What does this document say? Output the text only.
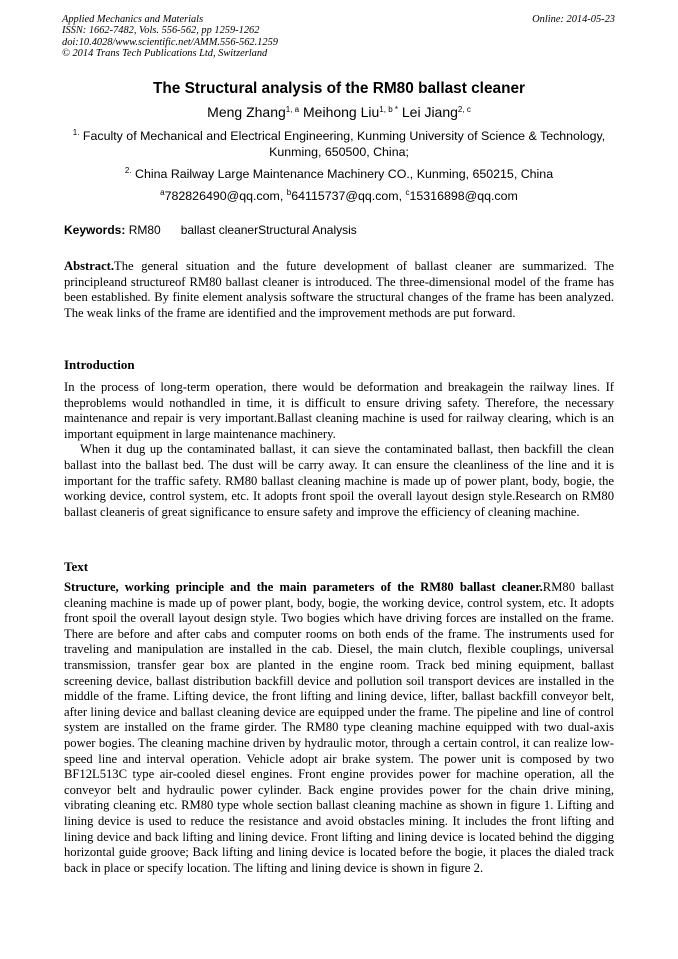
Applied Mechanics and Materials
ISSN: 1662-7482, Vols. 556-562, pp 1259-1262
doi:10.4028/www.scientific.net/AMM.556-562.1259
© 2014 Trans Tech Publications Ltd, Switzerland
Online: 2014-05-23
The Structural analysis of the RM80 ballast cleaner
Meng Zhang$^{1, a}$ Meihong Liu$^{1, b *}$ Lei Jiang$^{2, c}$
$^{1.}$ Faculty of Mechanical and Electrical Engineering, Kunming University of Science & Technology, Kunming, 650500, China;
$^{2.}$ China Railway Large Maintenance Machinery CO., Kunming, 650215, China
$^a$782826490@qq.com, $^b$64115737@qq.com, $^c$15316898@qq.com
Keywords: RM80      ballast cleanerStructural Analysis

Abstract.The general situation and the future development of ballast cleaner are summarized. The principleand structureof RM80 ballast cleaner is introduced. The three-dimensional model of the frame has been established. By finite element analysis software the structural changes of the frame has been analyzed. The weak links of the frame are identified and the improvement methods are put forward.

Introduction

In the process of long-term operation, there would be deformation and breakagein the railway lines. If theproblems would nothandled in time, it is difficult to ensure driving safety. Therefore, the necessary maintenance and repair is very important.Ballast cleaning machine is used for railway clearing, which is an important equipment in large maintenance machinery.

When it dug up the contaminated ballast, it can sieve the contaminated ballast, then backfill the clean ballast into the ballast bed. The dust will be carry away. It can ensure the cleanliness of the line and it is important for the traffic safety. RM80 ballast cleaning machine is made up of power plant, body, bogie, the working device, control system, etc. It adopts front spoil the overall layout design style.Research on RM80 ballast cleaneris of great significance to ensure safety and improve the efficiency of cleaning machine.

Text

Structure, working principle and the main parameters of the RM80 ballast cleaner.RM80 ballast cleaning machine is made up of power plant, body, bogie, the working device, control system, etc. It adopts front spoil the overall layout design style. Two bogies which have driving forces are installed on the frame. There are before and after cabs and computer rooms on both ends of the frame. The instruments used for traveling and manipulation are installed in the cab. Diesel, the main clutch, flexible couplings, universal transmission, transfer gear box are planted in the engine room. Track bed mining equipment, ballast screening device, ballast distribution backfill device and pollution soil transport devices are installed in the middle of the frame. Lifting device, the front lifting and lining device, lifter, ballast backfill conveyor belt, after lining device and ballast cleaning device are equipped under the frame. The pipeline and line of control system are installed on the frame girder. The RM80 type cleaning machine equipped with two dual-axis power bogies. The cleaning machine driven by hydraulic motor, through a certain control, it can realize low-speed line and interval operation. Vehicle adopt air brake system. The power unit is composed by two BF12L513C type air-cooled diesel engines. Front engine provides power for machine operation, all the conveyor belt and hydraulic power cylinder. Back engine provides power for the chain drive mining, vibrating cleaning etc. RM80 type whole section ballast cleaning machine as shown in figure 1. Lifting and lining device is used to reduce the resistance and avoid obstacles mining. It includes the front lifting and lining device and back lifting and lining device. Front lifting and lining device is located behind the digging horizontal guide groove; Back lifting and lining device is located before the bogie, it places the dialed track back in place or specify location. The lifting and lining device is shown in figure 2.
